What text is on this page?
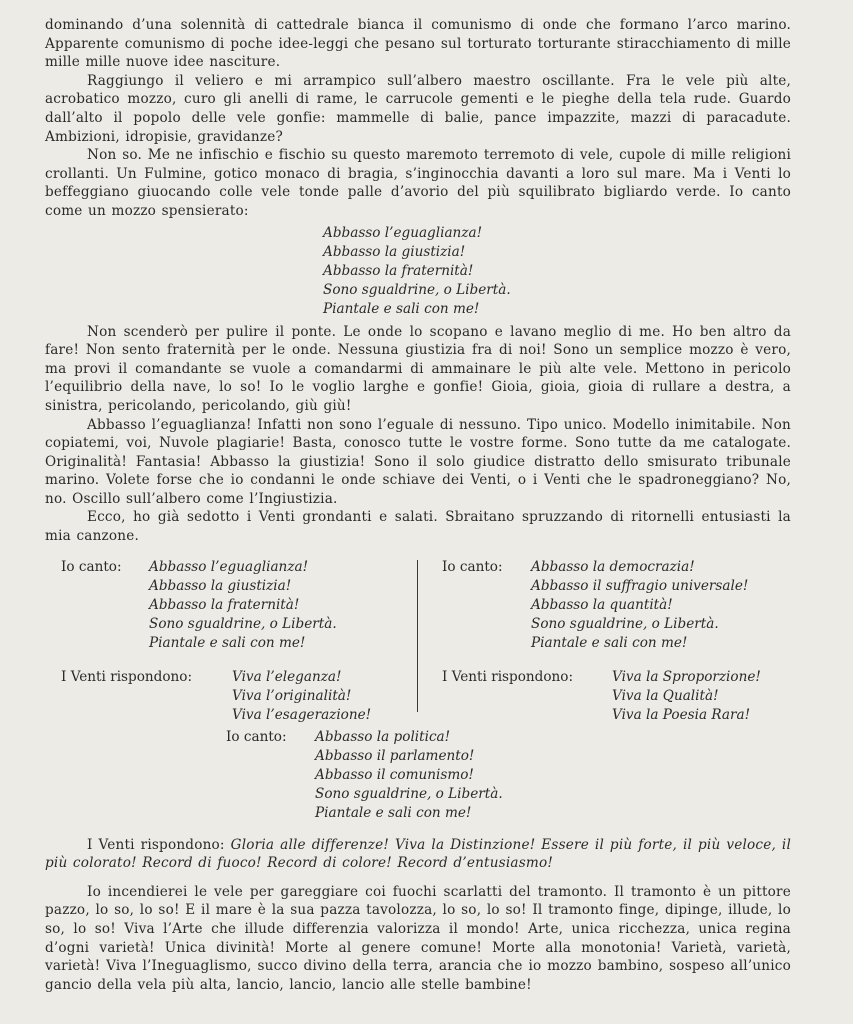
dominando d’una solennità di cattedrale bianca il comunismo di onde che formano l’arco marino. Apparente comunismo di poche idee-leggi che pesano sul torturato torturante stiracchiamento di mille mille mille nuove idee nasciture.

Raggiungo il veliero e mi arrampico sull’albero maestro oscillante. Fra le vele più alte, acrobatico mozzo, curo gli anelli di rame, le carrucole gementi e le pieghe della tela rude. Guardo dall’alto il popolo delle vele gonfie: mammelle di balie, pance impazzite, mazzi di paracadute. Ambizioni, idropisie, gravidanze?

Non so. Me ne infischio e fischio su questo maremoto terremoto di vele, cupole di mille religioni crollanti. Un Fulmine, gotico monaco di bragia, s’inginocchia davanti a loro sul mare. Ma i Venti lo beffeggiano giuocando colle vele tonde palle d’avorio del più squilibrato bigliardo verde. Io canto come un mozzo spensierato:

Abbasso l’eguaglianza!
Abbasso la giustizia!
Abbasso la fraternità!
Sono sgualdrine, o Libertà.
Piantale e sali con me!

Non scenderò per pulire il ponte. Le onde lo scopano e lavano meglio di me. Ho ben altro da fare! Non sento fraternità per le onde. Nessuna giustizia fra di noi! Sono un semplice mozzo è vero, ma provi il comandante se vuole a comandarmi di ammainare le più alte vele. Mettono in pericolo l’equilibrio della nave, lo so! Io le voglio larghe e gonfie! Gioia, gioia, gioia di rullare a destra, a sinistra, pericolando, pericolando, giù giù!

Abbasso l’eguaglianza! Infatti non sono l’eguale di nessuno. Tipo unico. Modello inimitabile. Non copiatemi, voi, Nuvole plagiarie! Basta, conosco tutte le vostre forme. Sono tutte da me catalogate. Originalità! Fantasia! Abbasso la giustizia! Sono il solo giudice distratto dello smisurato tribunale marino. Volete forse che io condanni le onde schiave dei Venti, o i Venti che le spadroneggiano? No, no. Oscillo sull’albero come l’Ingiustizia.

Ecco, ho già sedotto i Venti grondanti e salati. Sbraitano spruzzando di ritornelli entusiasti la mia canzone.

Io canto:	Abbasso l’eguaglianza!
Abbasso la giustizia!
Abbasso la fraternità!
Sono sgualdrine, o Libertà.
Piantale e sali con me!
I Venti rispondono:	Viva l’eleganza!
Viva l’originalità!
Viva l’esagerazione!
Io canto:	Abbasso la democrazia!
Abbasso il suffragio universale!
Abbasso la quantità!
Sono sgualdrine, o Libertà.
Piantale e sali con me!
I Venti rispondono:	Viva la Sproporzione!
Viva la Qualità!
Viva la Poesia Rara!
Io canto:	Abbasso la politica!
Abbasso il parlamento!
Abbasso il comunismo!
Sono sgualdrine, o Libertà.
Piantale e sali con me!

I Venti rispondono: Gloria alle differenze! Viva la Distinzione! Essere il più forte, il più veloce, il più colorato! Record di fuoco! Record di colore! Record d’entusiasmo!

Io incendierei le vele per gareggiare coi fuochi scarlatti del tramonto. Il tramonto è un pittore pazzo, lo so, lo so! E il mare è la sua pazza tavolozza, lo so, lo so! Il tramonto finge, dipinge, illude, lo so, lo so! Viva l’Arte che illude differenzia valorizza il mondo! Arte, unica ricchezza, unica regina d’ogni varietà! Unica divinità! Morte al genere comune! Morte alla monotonia! Varietà, varietà, varietà! Viva l’Ineguaglismo, succo divino della terra, arancia che io mozzo bambino, sospeso all’unico gancio della vela più alta, lancio, lancio, lancio alle stelle bambine!
